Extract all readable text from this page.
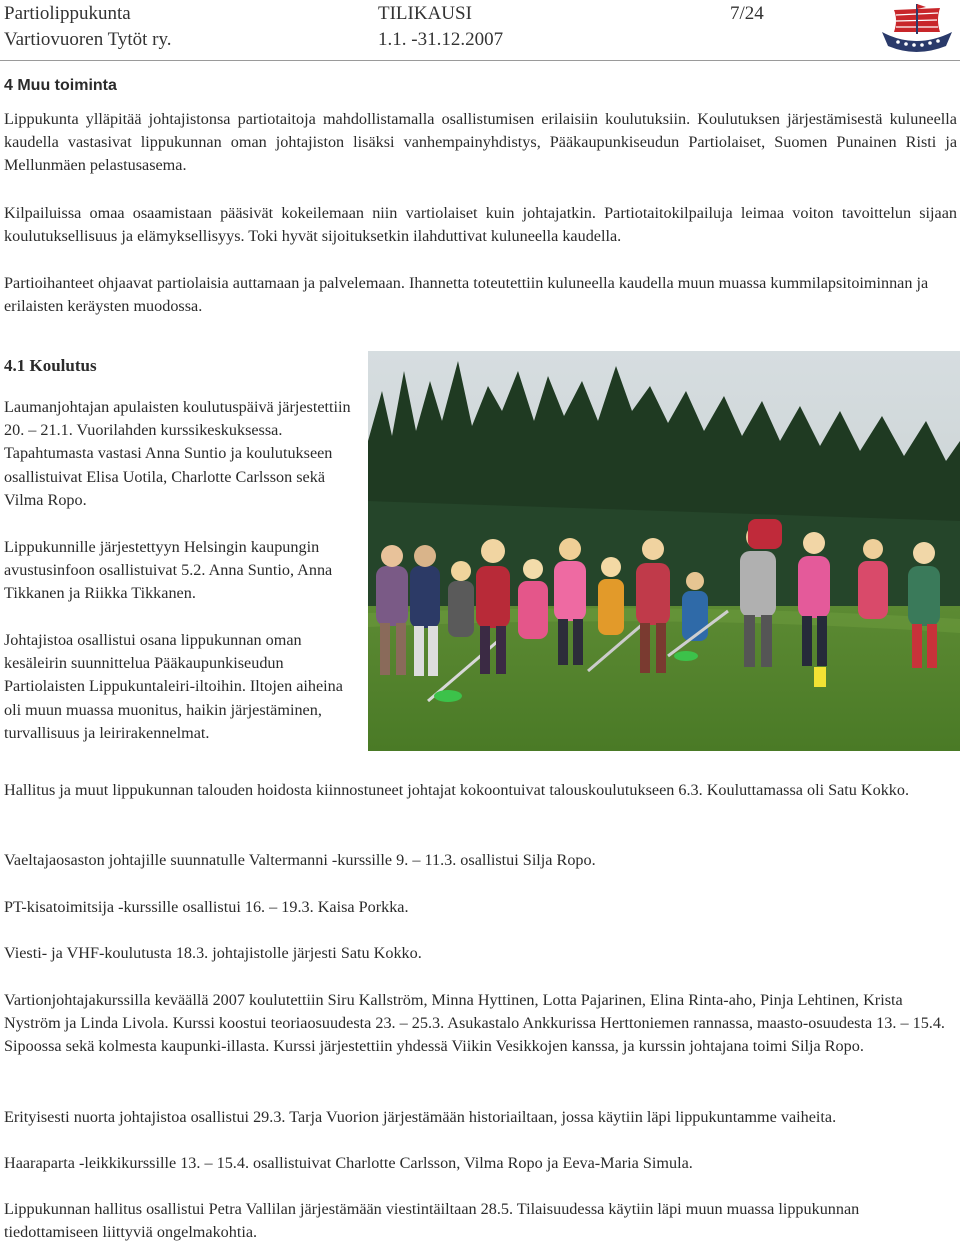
Partiolippukunta
Vartiovuoren Tytöt ry.
TILIKAUSI
1.1. -31.12.2007
7/24
4 Muu toiminta

Lippukunta ylläpitää johtajistonsa partiotaitoja mahdollistamalla osallistumisen erilaisiin koulutuksiin. Koulutuksen järjestämisestä kuluneella kaudella vastasivat lippukunnan oman johtajiston lisäksi vanhempainyhdistys, Pääkaupunkiseudun Partiolaiset, Suomen Punainen Risti ja Mellunmäen pelastusasema.

Kilpailuissa omaa osaamistaan pääsivät kokeilemaan niin vartiolaiset kuin johtajatkin. Partiotaitokilpailuja leimaa voiton tavoittelun sijaan koulutuksellisuus ja elämyksellisyys. Toki hyvät sijoituksetkin ilahduttivat kuluneella kaudella.

Partioihanteet ohjaavat partiolaisia auttamaan ja palvelemaan. Ihannetta toteutettiin kuluneella kaudella muun muassa kummilapsitoiminnan ja erilaisten keräysten muodossa.

4.1 Koulutus

Laumanjohtajan apulaisten koulutuspäivä järjestettiin 20. – 21.1. Vuorilahden kurssikeskuksessa. Tapahtumasta vastasi Anna Suntio ja koulutukseen osallistuivat Elisa Uotila, Charlotte Carlsson sekä Vilma Ropo.

Lippukunnille järjestettyyn Helsingin kaupungin avustusinfoon osallistuivat 5.2. Anna Suntio, Anna Tikkanen ja Riikka Tikkanen.

Johtajistoa osallistui osana lippukunnan oman kesäleirin suunnittelua Pääkaupunkiseudun Partiolaisten Lippukuntaleiri-iltoihin. Iltojen aiheina oli muun muassa muonitus, haikin järjestäminen, turvallisuus ja leirirakennelmat.

Hallitus ja muut lippukunnan talouden hoidosta kiinnostuneet johtajat kokoontuivat talouskoulutukseen 6.3. Kouluttamassa oli Satu Kokko.

Vaeltajaosaston johtajille suunnatulle Valtermanni -kurssille 9. – 11.3. osallistui Silja Ropo.

PT-kisatoimitsija -kurssille osallistui 16. – 19.3. Kaisa Porkka.

Viesti- ja VHF-koulutusta 18.3. johtajistolle järjesti Satu Kokko.

Vartionjohtajakurssilla keväällä 2007 koulutettiin Siru Kallström, Minna Hyttinen, Lotta Pajarinen, Elina Rinta-aho, Pinja Lehtinen, Krista Nyström ja Linda Livola. Kurssi koostui teoriaosuudesta 23. – 25.3. Asukastalo Ankkurissa Herttoniemen rannassa, maasto-osuudesta 13. – 15.4. Sipoossa sekä kolmesta kaupunki-illasta. Kurssi järjestettiin yhdessä Viikin Vesikkojen kanssa, ja kurssin johtajana toimi Silja Ropo.

Erityisesti nuorta johtajistoa osallistui 29.3. Tarja Vuorion järjestämään historiailtaan, jossa käytiin läpi lippukuntamme vaiheita.

Haaraparta -leikkikurssille 13. – 15.4. osallistuivat Charlotte Carlsson, Vilma Ropo ja Eeva-Maria Simula.

Lippukunnan hallitus osallistui Petra Vallilan järjestämään viestintäiltaan 28.5. Tilaisuudessa käytiin läpi muun muassa lippukunnan tiedottamiseen liittyviä ongelmakohtia.
